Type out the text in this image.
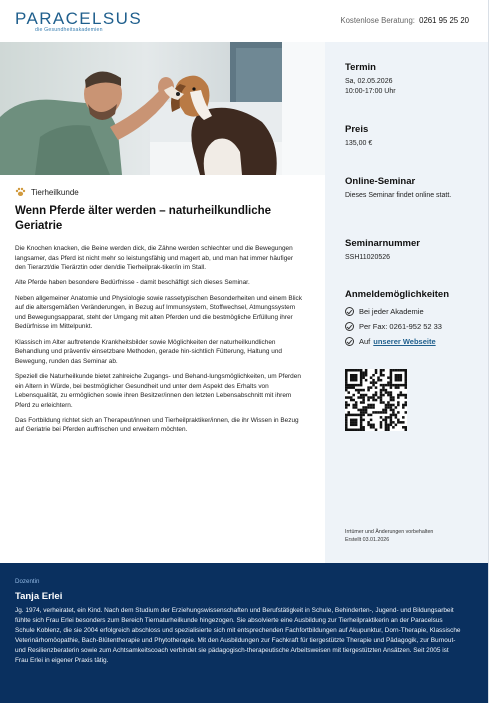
PARACELSUS
die Gesundheitsakademien
Kostenlose Beratung: 0261 95 25 20
Tierheilkunde
Wenn Pferde älter werden – naturheilkundliche Geriatrie

Die Knochen knacken, die Beine werden dick, die Zähne werden schlechter und die Bewegungen langsamer, das Pferd ist nicht mehr so leistungsfähig und magert ab, und man hat immer häufiger den Tierarzt/die Tierärztin oder den/die Tierheilprak-tiker/in im Stall.

Alte Pferde haben besondere Bedürfnisse - damit beschäftigt sich dieses Seminar.

Neben allgemeiner Anatomie und Physiologie sowie rassetypischen Besonderheiten und einem Blick auf die altersgemäßen Veränderungen, in Bezug auf Immunsystem, Stoffwechsel, Atmungssystem und Bewegungsapparat, steht der Umgang mit alten Pferden und die bestmögliche Erfüllung ihrer Bedürfnisse im Mittelpunkt.

Klassisch im Alter auftretende Krankheitsbilder sowie Möglichkeiten der naturheilkundlichen Behandlung und präventiv einsetzbare Methoden, gerade hin-sichtlich Fütterung, Haltung und Bewegung, runden das Seminar ab.

Speziell die Naturheilkunde bietet zahlreiche Zugangs- und Behand-lungsmöglichkeiten, um Pferden ein Altern in Würde, bei bestmöglicher Gesundheit und unter dem Aspekt des Erhalts von Lebensqualität, zu ermöglichen sowie ihren Besitzer/innen den letzten Lebensabschnitt mit ihrem Pferd zu erleichtern.

Das Fortbildung richtet sich an Therapeut/innen und Tierheilpraktiker/innen, die ihr Wissen in Bezug auf Geriatrie bei Pferden auffrischen und erweitern möchten.

Termin
Sa, 02.05.2026
10:00-17:00 Uhr
Preis
135,00 €
Online-Seminar
Dieses Seminar findet online statt.
Seminarnummer
SSH11020526
Anmeldemöglichkeiten
Bei jeder Akademie
Per Fax: 0261-952 52 33
Auf unserer Webseite
Irrtümer und Änderungen vorbehalten
Erstellt 03.01.2026
Dozentin
Tanja Erlei
Jg. 1974, verheiratet, ein Kind. Nach dem Studium der Erziehungswissenschaften und Berufstätigkeit in Schule, Behinderten-, Jugend- und Bildungsarbeit fühlte sich Frau Erlei besonders zum Bereich Tiernaturheilkunde hingezogen. Sie absolvierte eine Ausbildung zur Tierheilpraktikerin an der Paracelsus Schule Koblenz, die sie 2004 erfolgreich abschloss und spezialisierte sich mit entsprechenden Fachfortbildungen auf Akupunktur, Dorn-Therapie, Klassische Veterinärhomöopathie, Bach-Blütentherapie und Phytotherapie. Mit den Ausbildungen zur Fachkraft für tiergestützte Therapie und Pädagogik, zur Burnout- und Resilienzberaterin sowie zum Achtsamkeitscoach verbindet sie pädagogisch-therapeutische Arbeitsweisen mit tiergestützten Ansätzen. Seit 2005 ist Frau Erlei in eigener Praxis tätig.
